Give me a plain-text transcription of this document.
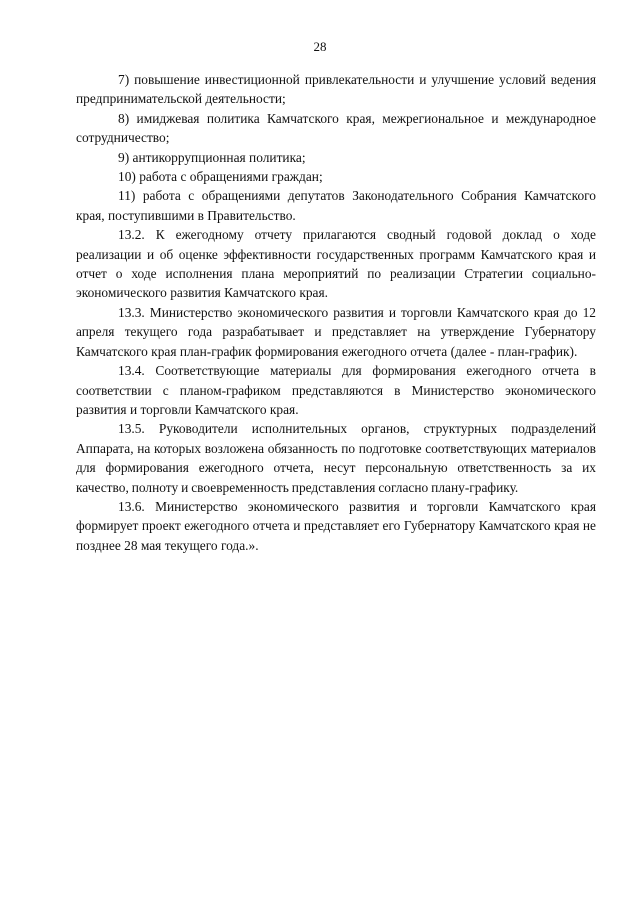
28

7) повышение инвестиционной привлекательности и улучшение условий ведения предпринимательской деятельности;

8) имиджевая политика Камчатского края, межрегиональное и международное сотрудничество;

9) антикоррупционная политика;

10) работа с обращениями граждан;

11) работа с обращениями депутатов Законодательного Собрания Камчатского края, поступившими в Правительство.

13.2. К ежегодному отчету прилагаются сводный годовой доклад о ходе реализации и об оценке эффективности государственных программ Камчатского края и отчет о ходе исполнения плана мероприятий по реализации Стратегии социально-экономического развития Камчатского края.

13.3. Министерство экономического развития и торговли Камчатского края до 12 апреля текущего года разрабатывает и представляет на утверждение Губернатору Камчатского края план-график формирования ежегодного отчета (далее - план-график).

13.4. Соответствующие материалы для формирования ежегодного отчета в соответствии с планом-графиком представляются в Министерство экономического развития и торговли Камчатского края.

13.5. Руководители исполнительных органов, структурных подразделений Аппарата, на которых возложена обязанность по подготовке соответствующих материалов для формирования ежегодного отчета, несут персональную ответственность за их качество, полноту и своевременность представления согласно плану-графику.

13.6. Министерство экономического развития и торговли Камчатского края формирует проект ежегодного отчета и представляет его Губернатору Камчатского края не позднее 28 мая текущего года.».
